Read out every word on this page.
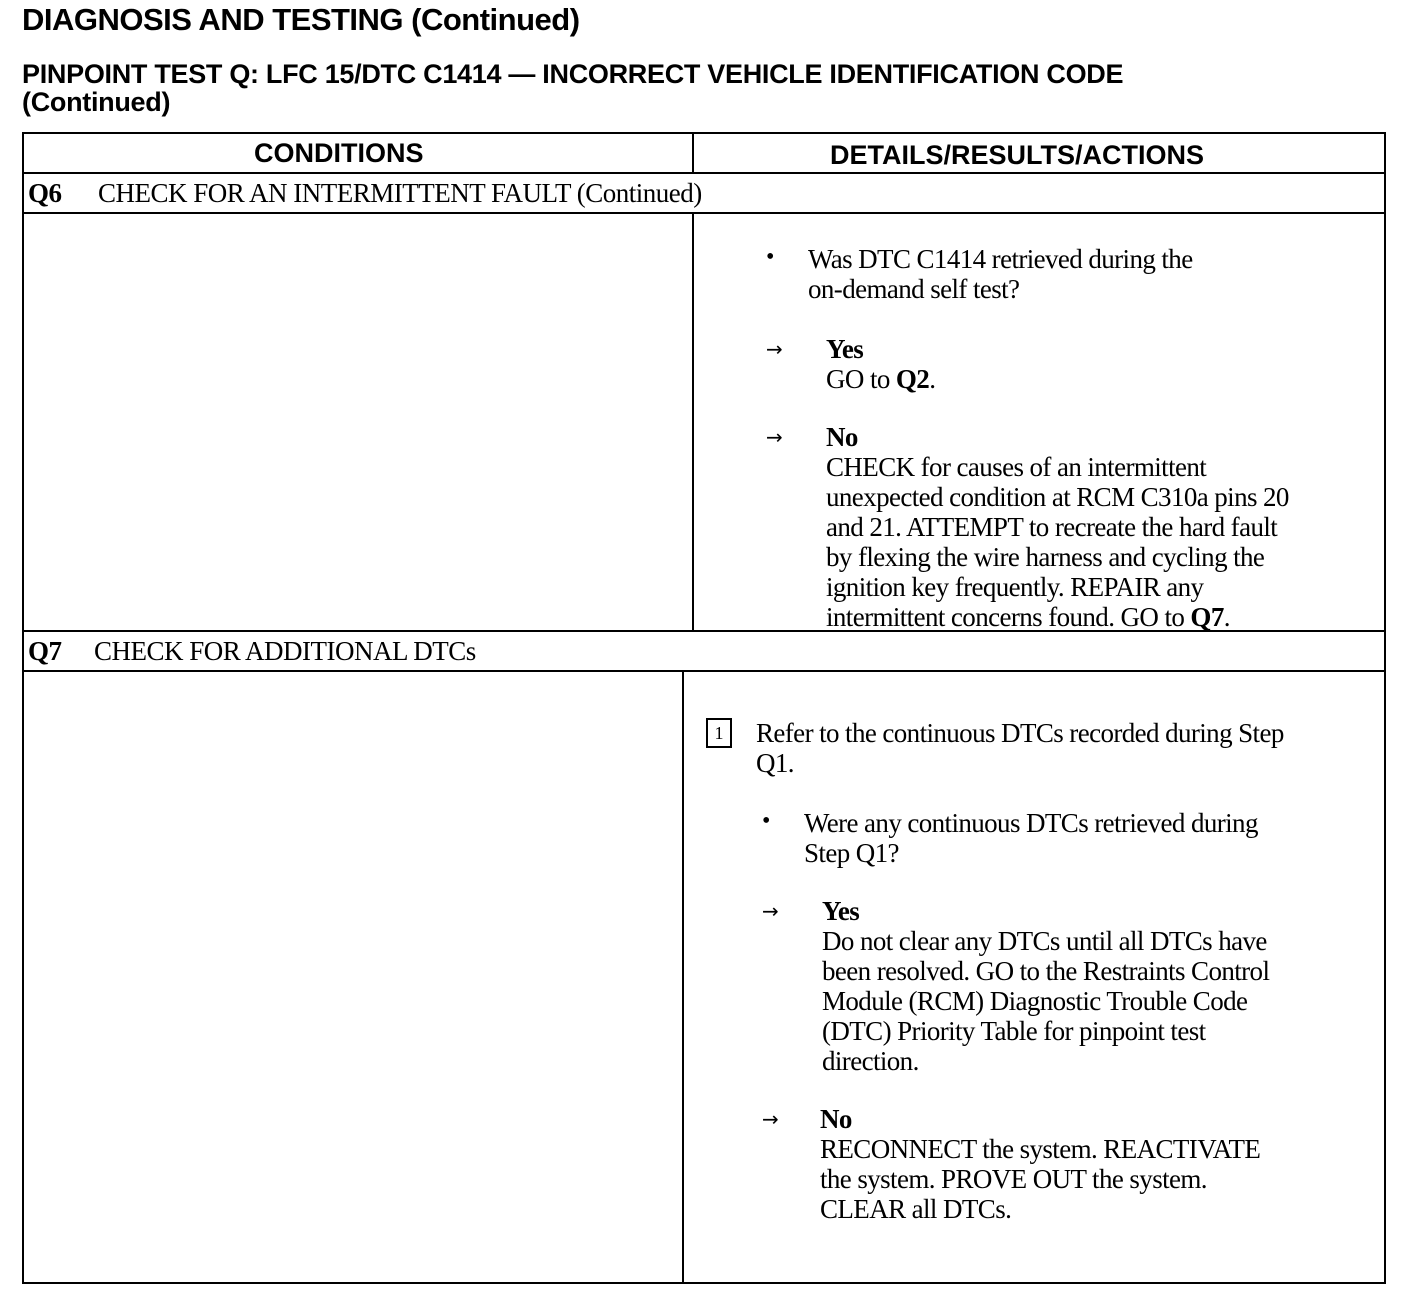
DIAGNOSIS AND TESTING (Continued)
PINPOINT TEST Q: LFC 15/DTC C1414 — INCORRECT VEHICLE IDENTIFICATION CODE
(Continued)
CONDITIONS	DETAILS/RESULTS/ACTIONS
Q6 CHECK FOR AN INTERMITTENT FAULT (Continued)
• Was DTC C1414 retrieved during the
on-demand self test?
→ Yes
GO to Q2.
→ No
CHECK for causes of an intermittent
unexpected condition at RCM C310a pins 20
and 21. ATTEMPT to recreate the hard fault
by flexing the wire harness and cycling the
ignition key frequently. REPAIR any
intermittent concerns found. GO to Q7.
Q7 CHECK FOR ADDITIONAL DTCs
1	Refer to the continuous DTCs recorded during Step
Q1.
• Were any continuous DTCs retrieved during
Step Q1?
→ Yes
Do not clear any DTCs until all DTCs have
been resolved. GO to the Restraints Control
Module (RCM) Diagnostic Trouble Code
(DTC) Priority Table for pinpoint test
direction.
→ No
RECONNECT the system. REACTIVATE
the system. PROVE OUT the system.
CLEAR all DTCs.
